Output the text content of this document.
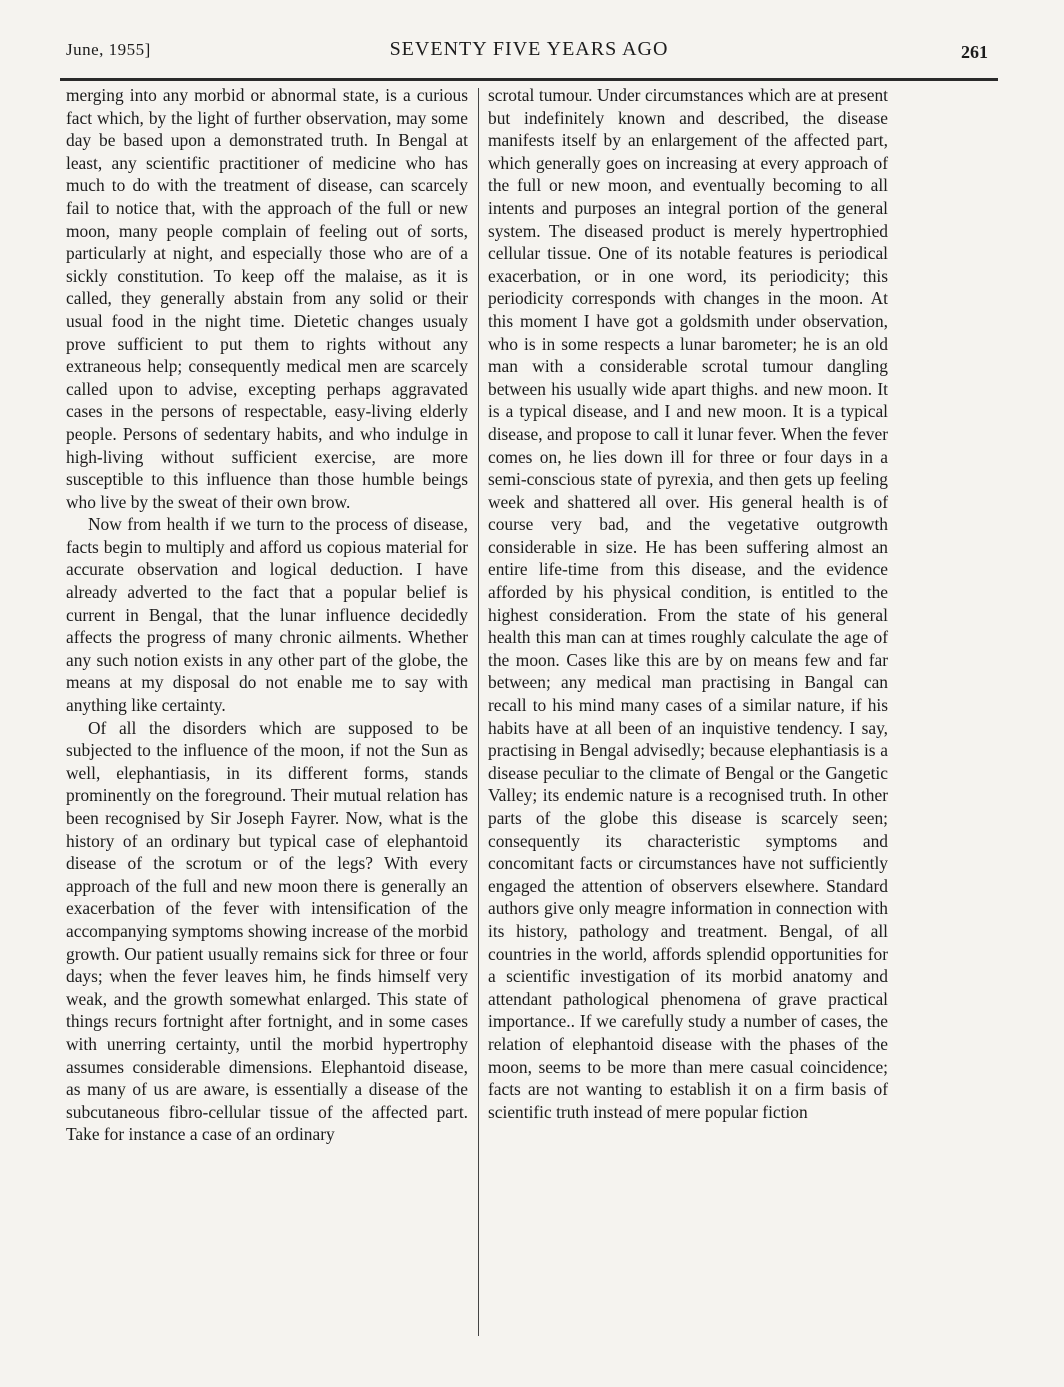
June, 1955]	SEVENTY FIVE YEARS AGO	261

merging into any morbid or abnormal state, is a curious fact which, by the light of further observation, may some day be based upon a demonstrated truth. In Bengal at least, any scientific practitioner of medicine who has much to do with the treatment of disease, can scarcely fail to notice that, with the approach of the full or new moon, many people complain of feeling out of sorts, particularly at night, and especially those who are of a sickly constitution. To keep off the malaise, as it is called, they generally abstain from any solid or their usual food in the night time. Dietetic changes usualy prove sufficient to put them to rights without any extraneous help; consequently medical men are scarcely called upon to advise, excepting perhaps aggravated cases in the persons of respectable, easy-living elderly people. Persons of sedentary habits, and who indulge in high-living without sufficient exercise, are more susceptible to this influence than those humble beings who live by the sweat of their own brow.

Now from health if we turn to the process of disease, facts begin to multiply and afford us copious material for accurate observation and logical deduction. I have already adverted to the fact that a popular belief is current in Bengal, that the lunar influence decidedly affects the progress of many chronic ailments. Whether any such notion exists in any other part of the globe, the means at my disposal do not enable me to say with anything like certainty.

Of all the disorders which are supposed to be subjected to the influence of the moon, if not the Sun as well, elephantiasis, in its different forms, stands prominently on the foreground. Their mutual relation has been recognised by Sir Joseph Fayrer. Now, what is the history of an ordinary but typical case of elephantoid disease of the scrotum or of the legs? With every approach of the full and new moon there is generally an exacerbation of the fever with intensification of the accompanying symptoms showing increase of the morbid growth. Our patient usually remains sick for three or four days; when the fever leaves him, he finds himself very weak, and the growth somewhat enlarged. This state of things recurs fortnight after fortnight, and in some cases with unerring certainty, until the morbid hypertrophy assumes considerable dimensions. Elephantoid disease, as many of us are aware, is essentially a disease of the subcutaneous fibro-cellular tissue of the affected part. Take for instance a case of an ordinary

scrotal tumour. Under circumstances which are at present but indefinitely known and described, the disease manifests itself by an enlargement of the affected part, which generally goes on increasing at every approach of the full or new moon, and eventually becoming to all intents and purposes an integral portion of the general system. The diseased product is merely hypertrophied cellular tissue. One of its notable features is periodical exacerbation, or in one word, its periodicity; this periodicity corresponds with changes in the moon. At this moment I have got a goldsmith under observation, who is in some respects a lunar barometer; he is an old man with a considerable scrotal tumour dangling between his usually wide apart thighs. and new moon. It is a typical disease, and I and new moon. It is a typical disease, and propose to call it lunar fever. When the fever comes on, he lies down ill for three or four days in a semi-conscious state of pyrexia, and then gets up feeling week and shattered all over. His general health is of course very bad, and the vegetative outgrowth considerable in size. He has been suffering almost an entire life-time from this disease, and the evidence afforded by his physical condition, is entitled to the highest consideration. From the state of his general health this man can at times roughly calculate the age of the moon. Cases like this are by on means few and far between; any medical man practising in Bangal can recall to his mind many cases of a similar nature, if his habits have at all been of an inquistive tendency. I say, practising in Bengal advisedly; because elephantiasis is a disease peculiar to the climate of Bengal or the Gangetic Valley; its endemic nature is a recognised truth. In other parts of the globe this disease is scarcely seen; consequently its characteristic symptoms and concomitant facts or circumstances have not sufficiently engaged the attention of observers elsewhere. Standard authors give only meagre information in connection with its history, pathology and treatment. Bengal, of all countries in the world, affords splendid opportunities for a scientific investigation of its morbid anatomy and attendant pathological phenomena of grave practical importance.. If we carefully study a number of cases, the relation of elephantoid disease with the phases of the moon, seems to be more than mere casual coincidence; facts are not wanting to establish it on a firm basis of scientific truth instead of mere popular fiction
